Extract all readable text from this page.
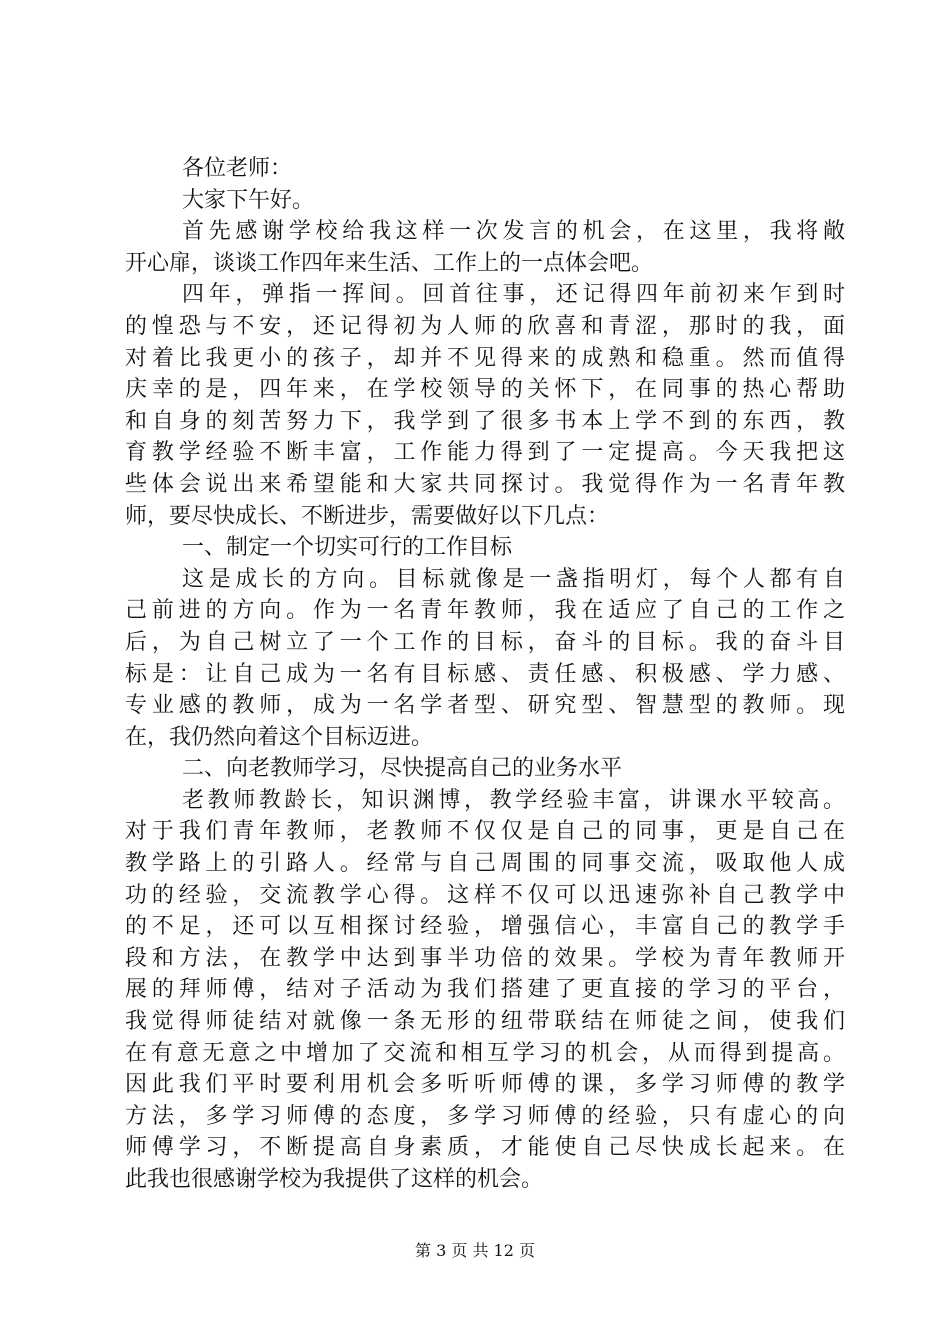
各位老师：
大家下午好。
首先感谢学校给我这样一次发言的机会，在这里，我将敞
开心扉，谈谈工作四年来生活、工作上的一点体会吧。
四年，弹指一挥间。回首往事，还记得四年前初来乍到时
的惶恐与不安，还记得初为人师的欣喜和青涩，那时的我，面
对着比我更小的孩子，却并不见得来的成熟和稳重。然而值得
庆幸的是，四年来，在学校领导的关怀下，在同事的热心帮助
和自身的刻苦努力下，我学到了很多书本上学不到的东西，教
育教学经验不断丰富，工作能力得到了一定提高。今天我把这
些体会说出来希望能和大家共同探讨。我觉得作为一名青年教
师，要尽快成长、不断进步，需要做好以下几点：
一、制定一个切实可行的工作目标
这是成长的方向。目标就像是一盏指明灯，每个人都有自
己前进的方向。作为一名青年教师，我在适应了自己的工作之
后，为自己树立了一个工作的目标，奋斗的目标。我的奋斗目
标是：让自己成为一名有目标感、责任感、积极感、学力感、
专业感的教师，成为一名学者型、研究型、智慧型的教师。现
在，我仍然向着这个目标迈进。
二、向老教师学习，尽快提高自己的业务水平
老教师教龄长，知识渊博，教学经验丰富，讲课水平较高。
对于我们青年教师，老教师不仅仅是自己的同事，更是自己在
教学路上的引路人。经常与自己周围的同事交流，吸取他人成
功的经验，交流教学心得。这样不仅可以迅速弥补自己教学中
的不足，还可以互相探讨经验，增强信心，丰富自己的教学手
段和方法，在教学中达到事半功倍的效果。学校为青年教师开
展的拜师傅，结对子活动为我们搭建了更直接的学习的平台，
我觉得师徒结对就像一条无形的纽带联结在师徒之间，使我们
在有意无意之中增加了交流和相互学习的机会，从而得到提高。
因此我们平时要利用机会多听听师傅的课，多学习师傅的教学
方法，多学习师傅的态度，多学习师傅的经验，只有虚心的向
师傅学习，不断提高自身素质，才能使自己尽快成长起来。在
此我也很感谢学校为我提供了这样的机会。
第 3 页 共 12 页
